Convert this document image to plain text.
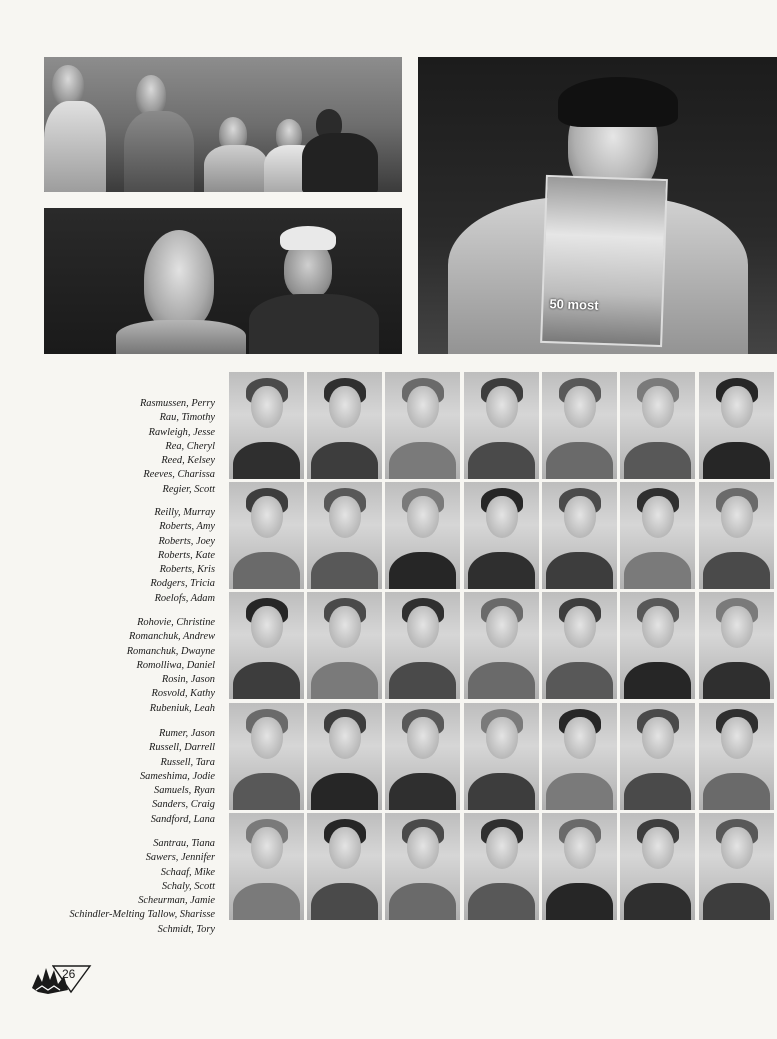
50 most
Rasmussen, Perry
Rau, Timothy
Rawleigh, Jesse
Rea, Cheryl
Reed, Kelsey
Reeves, Charissa
Regier, Scott
Reilly, Murray
Roberts, Amy
Roberts, Joey
Roberts, Kate
Roberts, Kris
Rodgers, Tricia
Roelofs, Adam
Rohovie, Christine
Romanchuk, Andrew
Romanchuk, Dwayne
Romolliwa, Daniel
Rosin, Jason
Rosvold, Kathy
Rubeniuk, Leah
Rumer, Jason
Russell, Darrell
Russell, Tara
Sameshima, Jodie
Samuels, Ryan
Sanders, Craig
Sandford, Lana
Santrau, Tiana
Sawers, Jennifer
Schaaf, Mike
Schaly, Scott
Scheurman, Jamie
Schindler-Melting Tallow, Sharisse
Schmidt, Tory
26
